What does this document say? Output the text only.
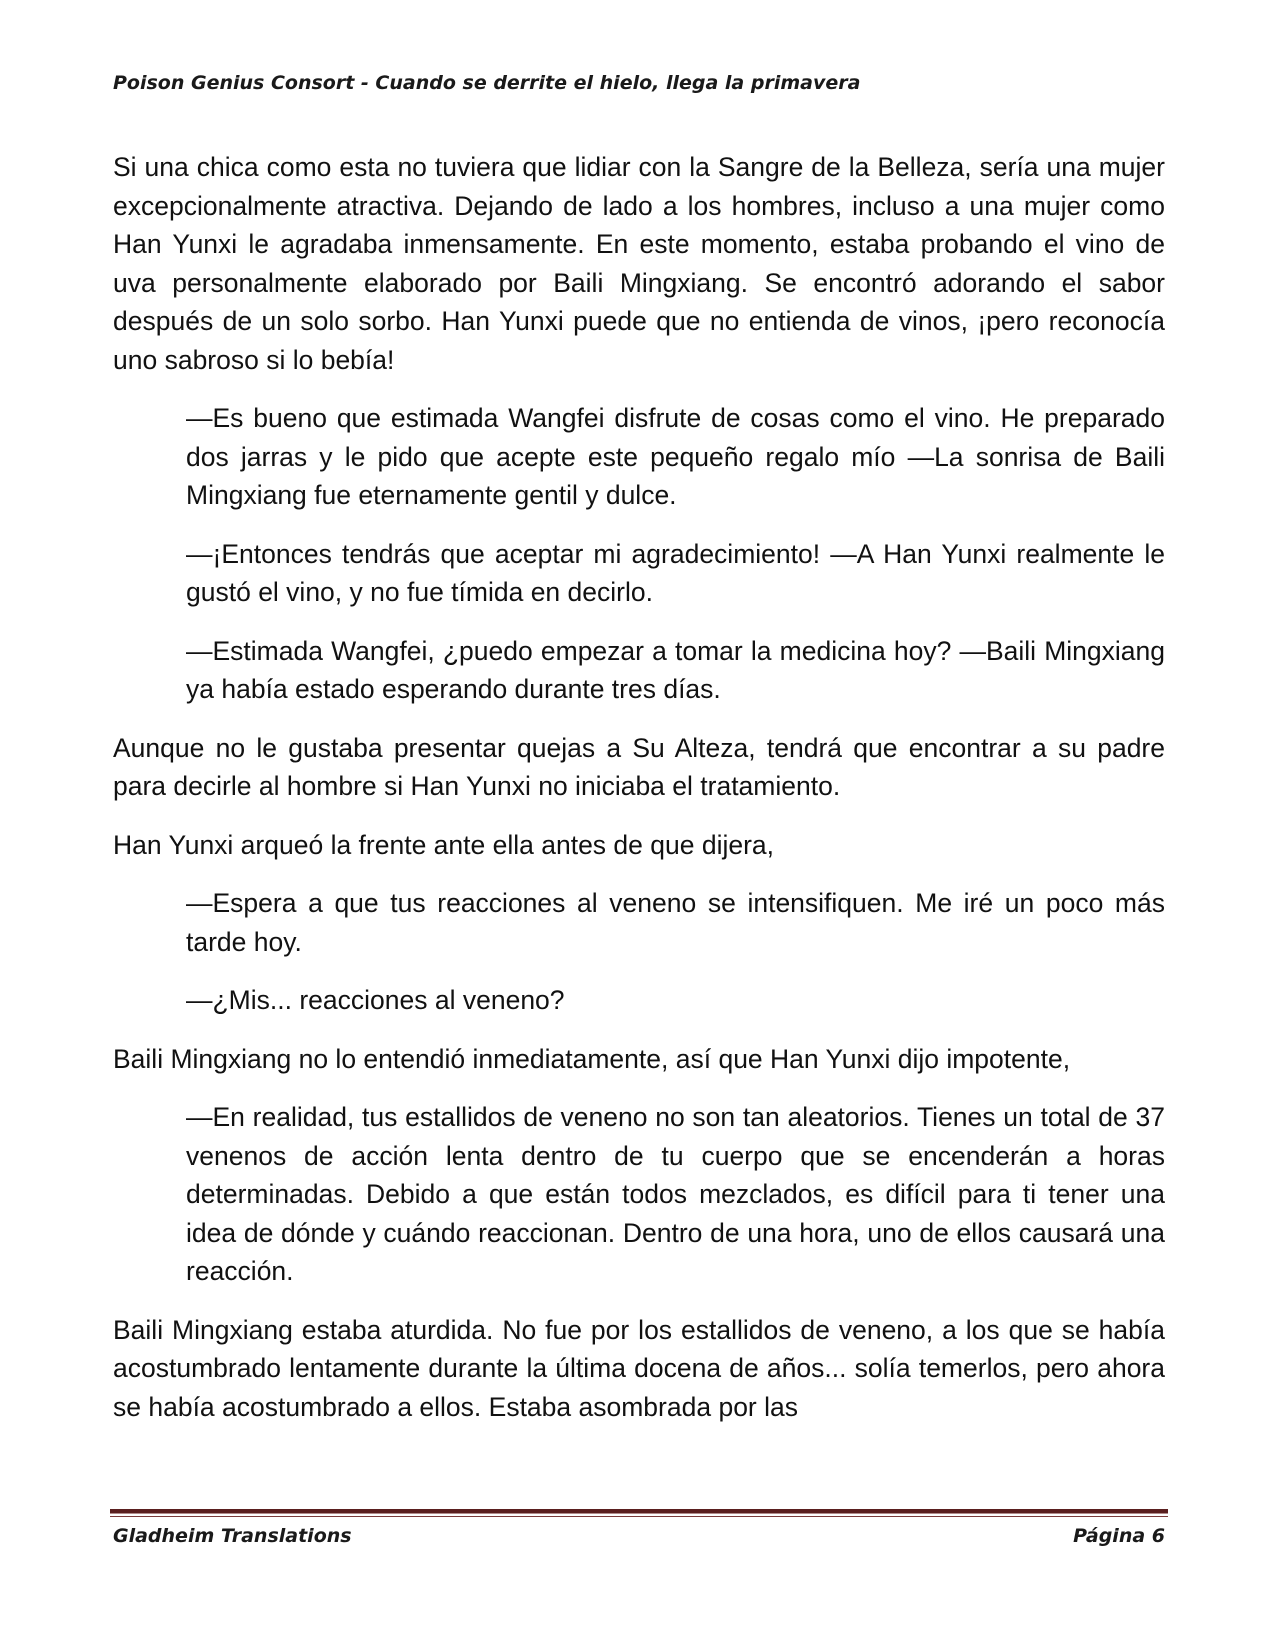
Poison Genius Consort - Cuando se derrite el hielo, llega la primavera

Si una chica como esta no tuviera que lidiar con la Sangre de la Belleza, sería una mujer excepcionalmente atractiva. Dejando de lado a los hombres, incluso a una mujer como Han Yunxi le agradaba inmensamente. En este momento, estaba probando el vino de uva personalmente elaborado por Baili Mingxiang. Se encontró adorando el sabor después de un solo sorbo. Han Yunxi puede que no entienda de vinos, ¡pero reconocía uno sabroso si lo bebía!

—Es bueno que estimada Wangfei disfrute de cosas como el vino. He preparado dos jarras y le pido que acepte este pequeño regalo mío —La sonrisa de Baili Mingxiang fue eternamente gentil y dulce.

—¡Entonces tendrás que aceptar mi agradecimiento! —A Han Yunxi realmente le gustó el vino, y no fue tímida en decirlo.

—Estimada Wangfei, ¿puedo empezar a tomar la medicina hoy? —Baili Mingxiang ya había estado esperando durante tres días.

Aunque no le gustaba presentar quejas a Su Alteza, tendrá que encontrar a su padre para decirle al hombre si Han Yunxi no iniciaba el tratamiento.

Han Yunxi arqueó la frente ante ella antes de que dijera,

—Espera a que tus reacciones al veneno se intensifiquen. Me iré un poco más tarde hoy.

—¿Mis... reacciones al veneno?

Baili Mingxiang no lo entendió inmediatamente, así que Han Yunxi dijo impotente,

—En realidad, tus estallidos de veneno no son tan aleatorios. Tienes un total de 37 venenos de acción lenta dentro de tu cuerpo que se encenderán a horas determinadas. Debido a que están todos mezclados, es difícil para ti tener una idea de dónde y cuándo reaccionan. Dentro de una hora, uno de ellos causará una reacción.

Baili Mingxiang estaba aturdida. No fue por los estallidos de veneno, a los que se había acostumbrado lentamente durante la última docena de años... solía temerlos, pero ahora se había acostumbrado a ellos. Estaba asombrada por las

Gladheim Translations	Página 6
